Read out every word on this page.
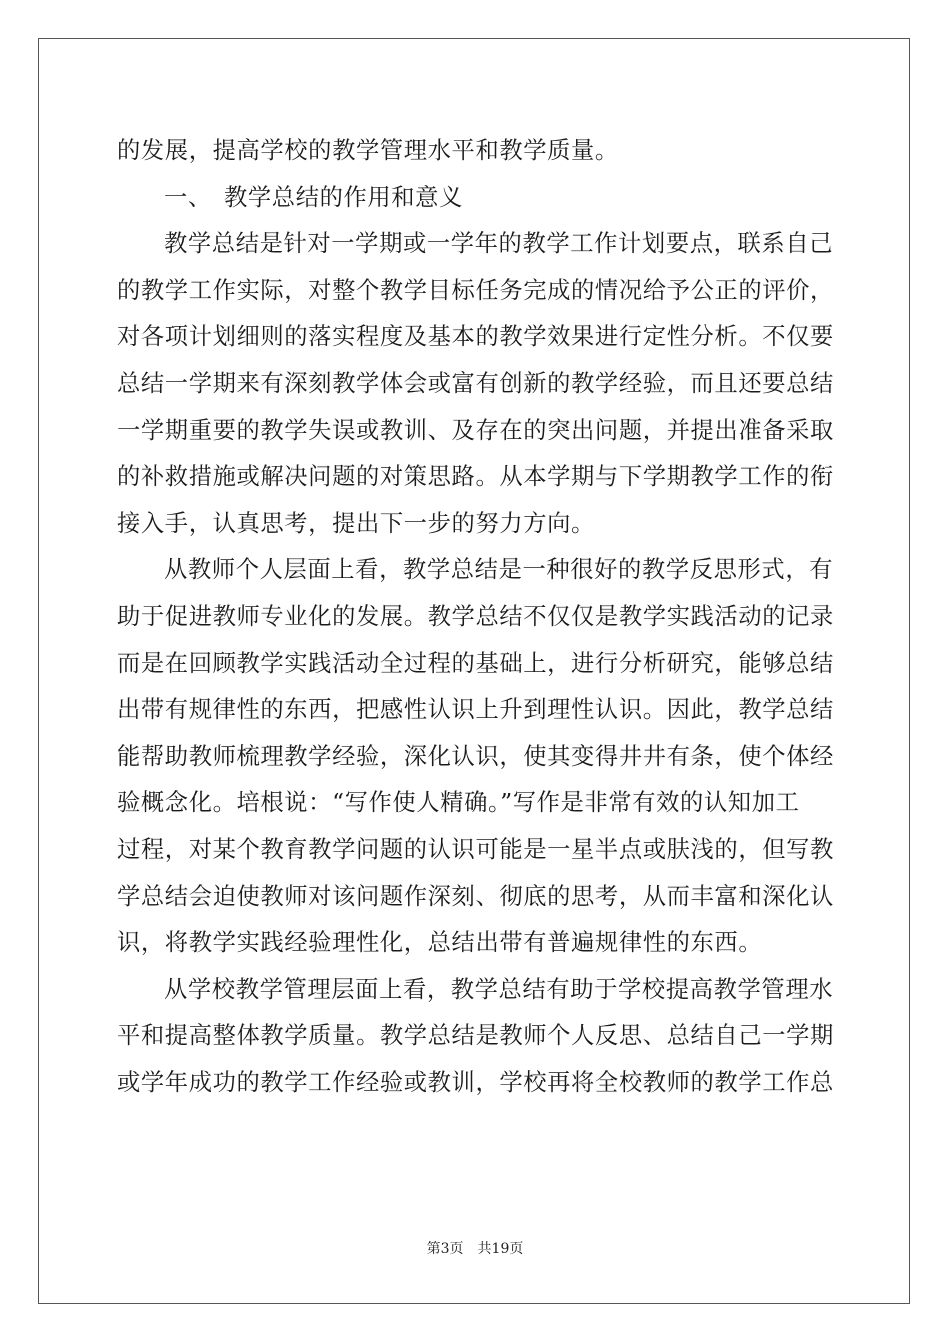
的发展，提高学校的教学管理水平和教学质量。
一、 教学总结的作用和意义
教学总结是针对一学期或一学年的教学工作计划要点，联系自己
的教学工作实际，对整个教学目标任务完成的情况给予公正的评价，
对各项计划细则的落实程度及基本的教学效果进行定性分析。不仅要
总结一学期来有深刻教学体会或富有创新的教学经验，而且还要总结
一学期重要的教学失误或教训、及存在的突出问题，并提出准备采取
的补救措施或解决问题的对策思路。从本学期与下学期教学工作的衔
接入手，认真思考，提出下一步的努力方向。
从教师个人层面上看，教学总结是一种很好的教学反思形式，有
助于促进教师专业化的发展。教学总结不仅仅是教学实践活动的记录
而是在回顾教学实践活动全过程的基础上，进行分析研究，能够总结
出带有规律性的东西，把感性认识上升到理性认识。因此，教学总结
能帮助教师梳理教学经验，深化认识，使其变得井井有条，使个体经
验概念化。培根说：“写作使人精确。”写作是非常有效的认知加工
过程，对某个教育教学问题的认识可能是一星半点或肤浅的，但写教
学总结会迫使教师对该问题作深刻、彻底的思考，从而丰富和深化认
识，将教学实践经验理性化，总结出带有普遍规律性的东西。
从学校教学管理层面上看，教学总结有助于学校提高教学管理水
平和提高整体教学质量。教学总结是教师个人反思、总结自己一学期
或学年成功的教学工作经验或教训，学校再将全校教师的教学工作总
第3页 共19页
